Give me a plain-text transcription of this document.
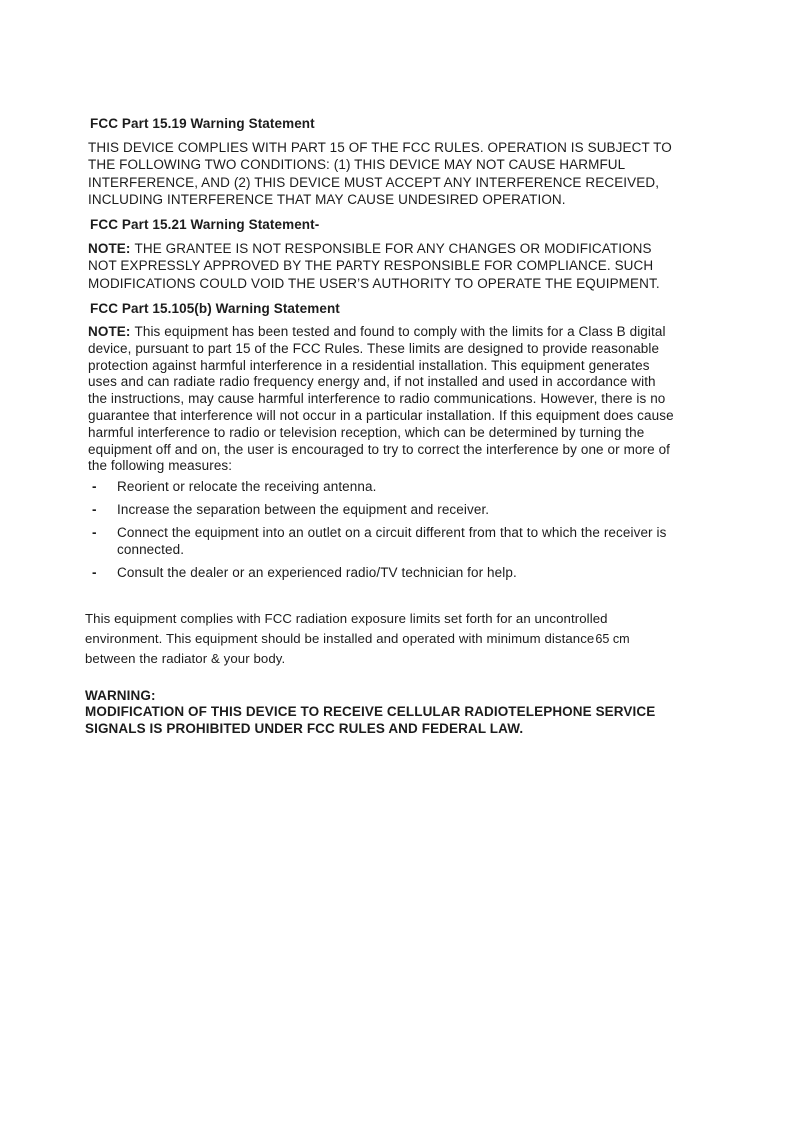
FCC Part 15.19 Warning Statement

THIS DEVICE COMPLIES WITH PART 15 OF THE FCC RULES. OPERATION IS SUBJECT TO THE FOLLOWING TWO CONDITIONS: (1) THIS DEVICE MAY NOT CAUSE HARMFUL INTERFERENCE, AND (2) THIS DEVICE MUST ACCEPT ANY INTERFERENCE RECEIVED, INCLUDING INTERFERENCE THAT MAY CAUSE UNDESIRED OPERATION.

FCC Part 15.21 Warning Statement-

NOTE: THE GRANTEE IS NOT RESPONSIBLE FOR ANY CHANGES OR MODIFICATIONS NOT EXPRESSLY APPROVED BY THE PARTY RESPONSIBLE FOR COMPLIANCE. SUCH MODIFICATIONS COULD VOID THE USER’S AUTHORITY TO OPERATE THE EQUIPMENT.

FCC Part 15.105(b) Warning Statement

NOTE: This equipment has been tested and found to comply with the limits for a Class B digital device, pursuant to part 15 of the FCC Rules. These limits are designed to provide reasonable protection against harmful interference in a residential installation. This equipment generates uses and can radiate radio frequency energy and, if not installed and used in accordance with the instructions, may cause harmful interference to radio communications. However, there is no guarantee that interference will not occur in a particular installation. If this equipment does cause harmful interference to radio or television reception, which can be determined by turning the equipment off and on, the user is encouraged to try to correct the interference by one or more of the following measures:

- Reorient or relocate the receiving antenna.
- Increase the separation between the equipment and receiver.
- Connect the equipment into an outlet on a circuit different from that to which the receiver is connected.
- Consult the dealer or an experienced radio/TV technician for help.

This equipment complies with FCC radiation exposure limits set forth for an uncontrolled environment. This equipment should be installed and operated with minimum distance65 cm between the radiator & your body.

WARNING:

MODIFICATION OF THIS DEVICE TO RECEIVE CELLULAR RADIOTELEPHONE SERVICE SIGNALS IS PROHIBITED UNDER FCC RULES AND FEDERAL LAW.
